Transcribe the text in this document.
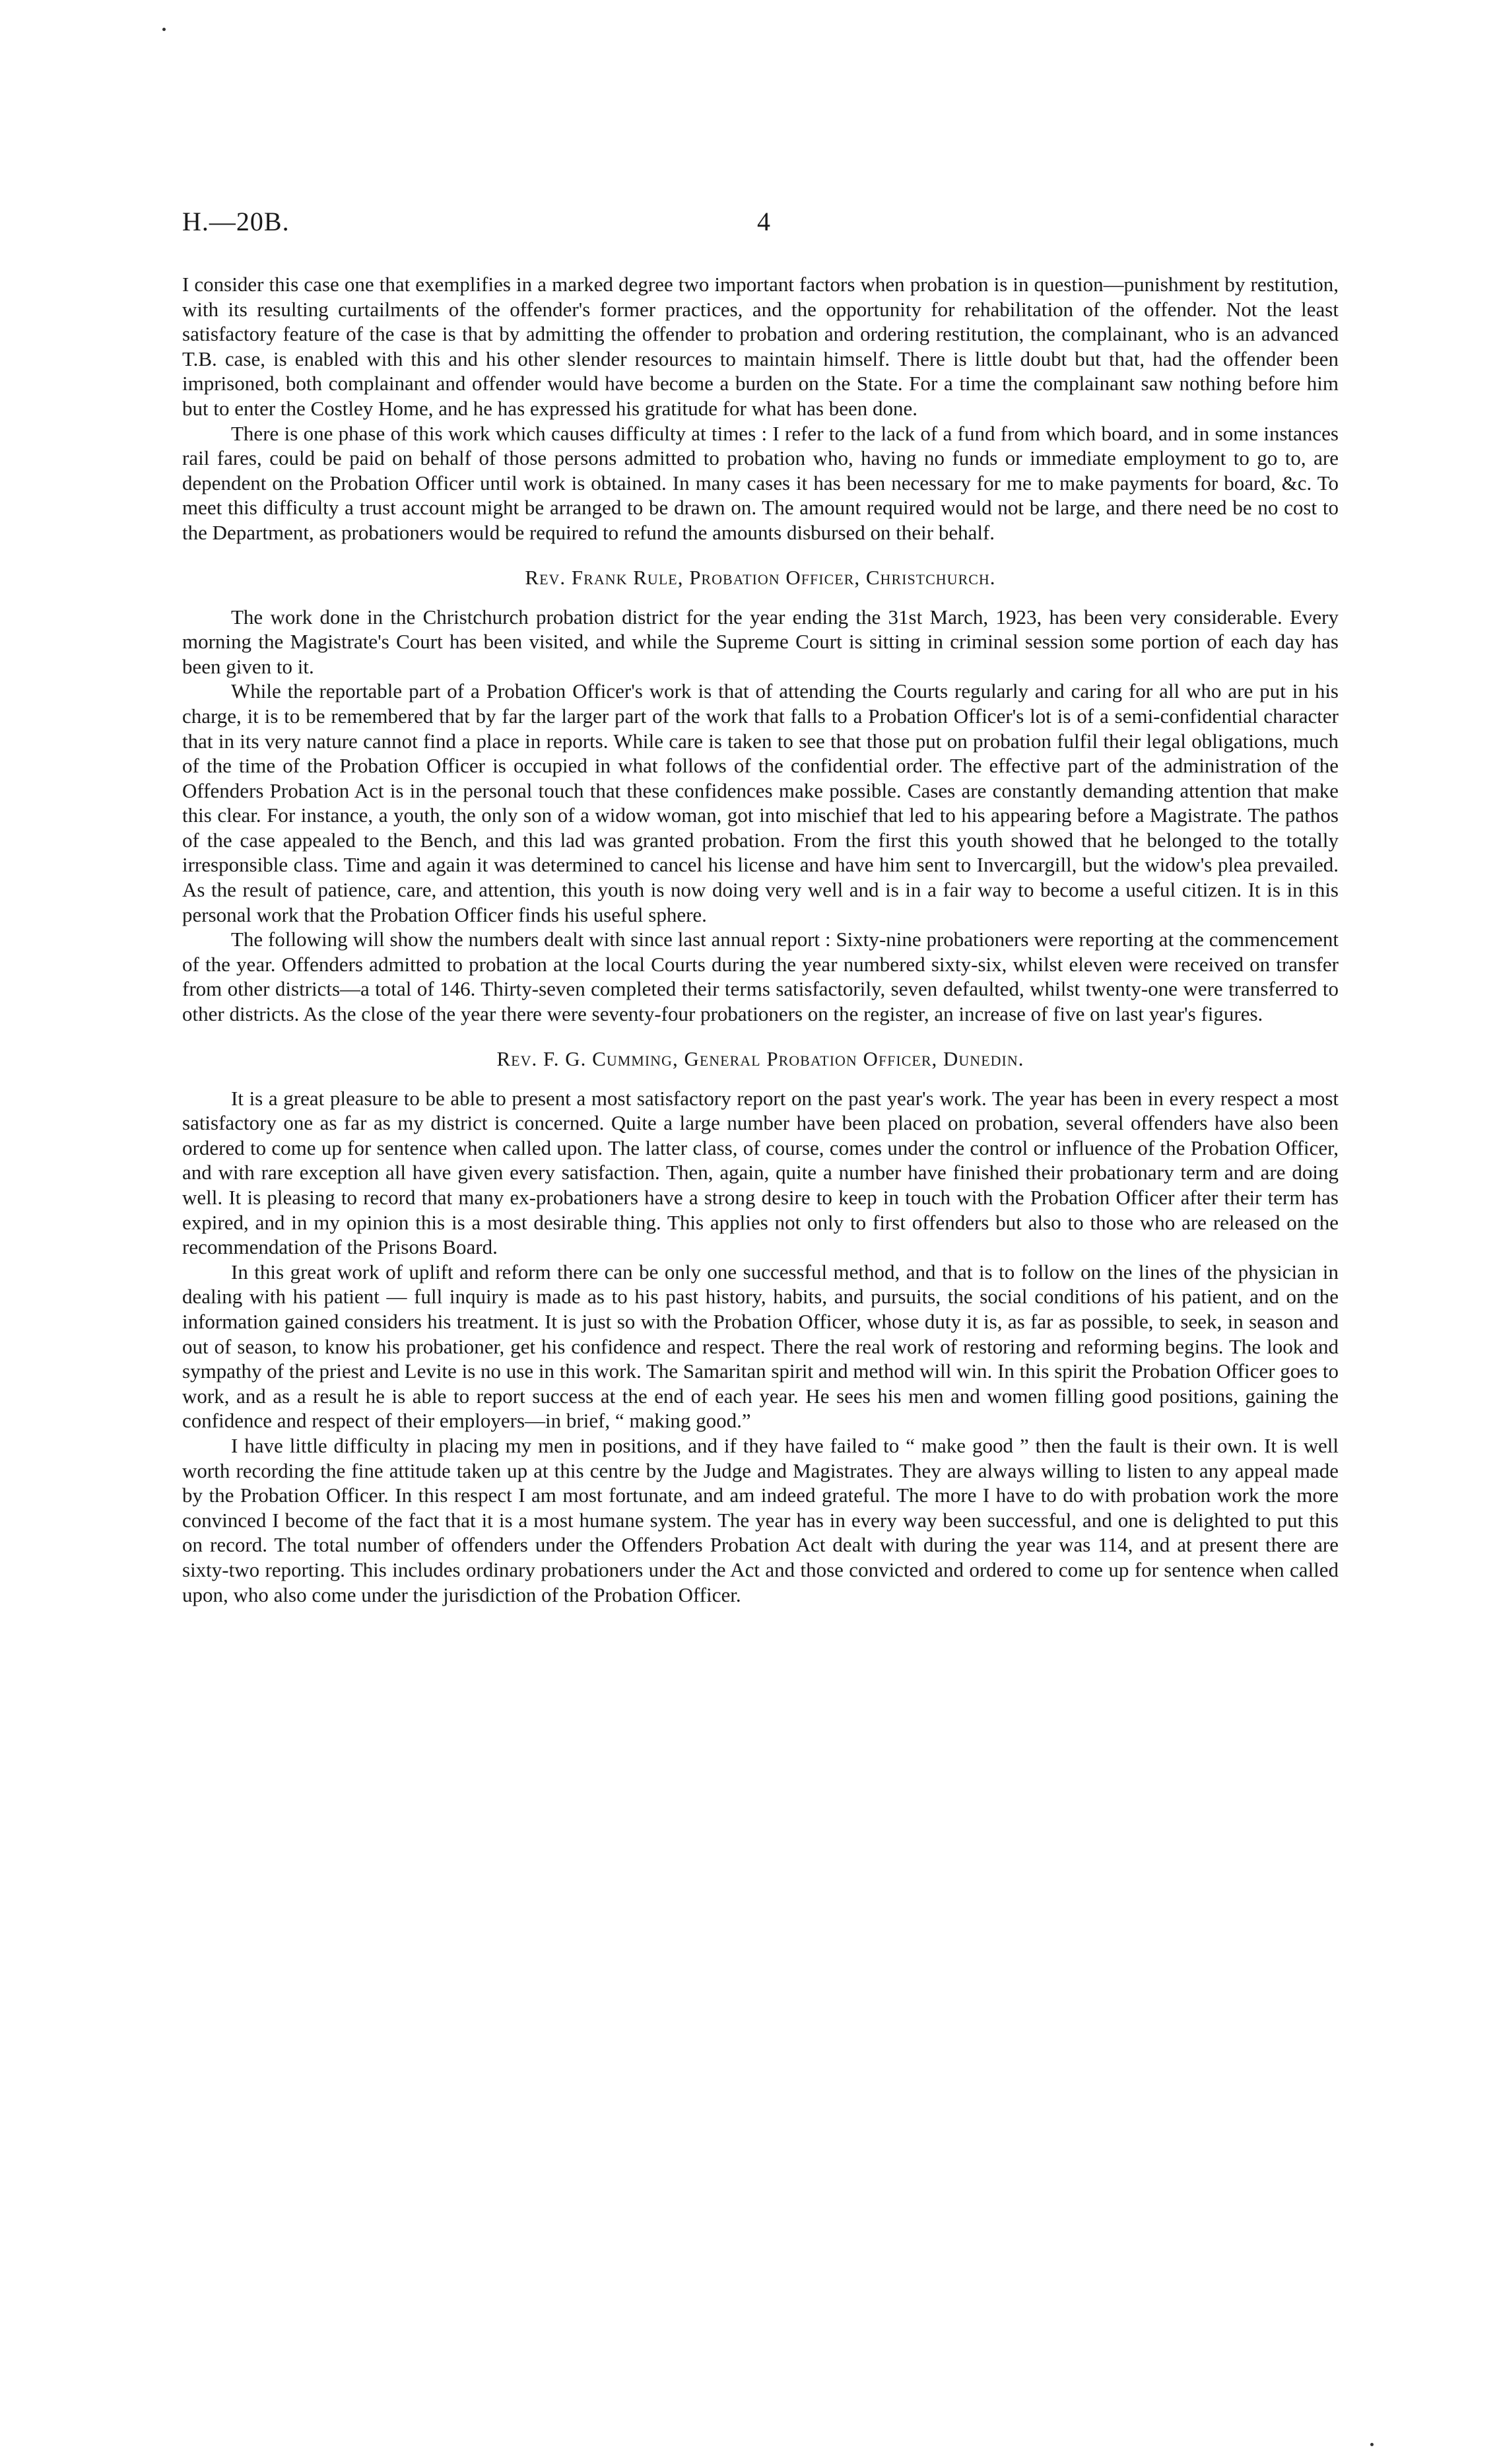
H.—20B.	4

I consider this case one that exemplifies in a marked degree two important factors when probation is in question—punishment by restitution, with its resulting curtailments of the offender's former practices, and the opportunity for rehabilitation of the offender. Not the least satisfactory feature of the case is that by admitting the offender to probation and ordering restitution, the complainant, who is an advanced T.B. case, is enabled with this and his other slender resources to maintain himself. There is little doubt but that, had the offender been imprisoned, both complainant and offender would have become a burden on the State. For a time the complainant saw nothing before him but to enter the Costley Home, and he has expressed his gratitude for what has been done.

There is one phase of this work which causes difficulty at times : I refer to the lack of a fund from which board, and in some instances rail fares, could be paid on behalf of those persons admitted to probation who, having no funds or immediate employment to go to, are dependent on the Probation Officer until work is obtained. In many cases it has been necessary for me to make payments for board, &c. To meet this difficulty a trust account might be arranged to be drawn on. The amount required would not be large, and there need be no cost to the Department, as probationers would be required to refund the amounts disbursed on their behalf.

Rev. Frank Rule, Probation Officer, Christchurch.

The work done in the Christchurch probation district for the year ending the 31st March, 1923, has been very considerable. Every morning the Magistrate's Court has been visited, and while the Supreme Court is sitting in criminal session some portion of each day has been given to it.

While the reportable part of a Probation Officer's work is that of attending the Courts regularly and caring for all who are put in his charge, it is to be remembered that by far the larger part of the work that falls to a Probation Officer's lot is of a semi-confidential character that in its very nature cannot find a place in reports. While care is taken to see that those put on probation fulfil their legal obligations, much of the time of the Probation Officer is occupied in what follows of the confidential order. The effective part of the administration of the Offenders Probation Act is in the personal touch that these confidences make possible. Cases are constantly demanding attention that make this clear. For instance, a youth, the only son of a widow woman, got into mischief that led to his appearing before a Magistrate. The pathos of the case appealed to the Bench, and this lad was granted probation. From the first this youth showed that he belonged to the totally irresponsible class. Time and again it was determined to cancel his license and have him sent to Invercargill, but the widow's plea prevailed. As the result of patience, care, and attention, this youth is now doing very well and is in a fair way to become a useful citizen. It is in this personal work that the Probation Officer finds his useful sphere.

The following will show the numbers dealt with since last annual report : Sixty-nine probationers were reporting at the commencement of the year. Offenders admitted to probation at the local Courts during the year numbered sixty-six, whilst eleven were received on transfer from other districts—a total of 146. Thirty-seven completed their terms satisfactorily, seven defaulted, whilst twenty-one were transferred to other districts. As the close of the year there were seventy-four probationers on the register, an increase of five on last year's figures.

Rev. F. G. Cumming, General Probation Officer, Dunedin.

It is a great pleasure to be able to present a most satisfactory report on the past year's work. The year has been in every respect a most satisfactory one as far as my district is concerned. Quite a large number have been placed on probation, several offenders have also been ordered to come up for sentence when called upon. The latter class, of course, comes under the control or influence of the Probation Officer, and with rare exception all have given every satisfaction. Then, again, quite a number have finished their probationary term and are doing well. It is pleasing to record that many ex-probationers have a strong desire to keep in touch with the Probation Officer after their term has expired, and in my opinion this is a most desirable thing. This applies not only to first offenders but also to those who are released on the recommendation of the Prisons Board.

In this great work of uplift and reform there can be only one successful method, and that is to follow on the lines of the physician in dealing with his patient — full inquiry is made as to his past history, habits, and pursuits, the social conditions of his patient, and on the information gained considers his treatment. It is just so with the Probation Officer, whose duty it is, as far as possible, to seek, in season and out of season, to know his probationer, get his confidence and respect. There the real work of restoring and reforming begins. The look and sympathy of the priest and Levite is no use in this work. The Samaritan spirit and method will win. In this spirit the Probation Officer goes to work, and as a result he is able to report success at the end of each year. He sees his men and women filling good positions, gaining the confidence and respect of their employers—in brief, “ making good.”

I have little difficulty in placing my men in positions, and if they have failed to “ make good ” then the fault is their own. It is well worth recording the fine attitude taken up at this centre by the Judge and Magistrates. They are always willing to listen to any appeal made by the Probation Officer. In this respect I am most fortunate, and am indeed grateful. The more I have to do with probation work the more convinced I become of the fact that it is a most humane system. The year has in every way been successful, and one is delighted to put this on record. The total number of offenders under the Offenders Probation Act dealt with during the year was 114, and at present there are sixty-two reporting. This includes ordinary probationers under the Act and those convicted and ordered to come up for sentence when called upon, who also come under the jurisdiction of the Probation Officer.
